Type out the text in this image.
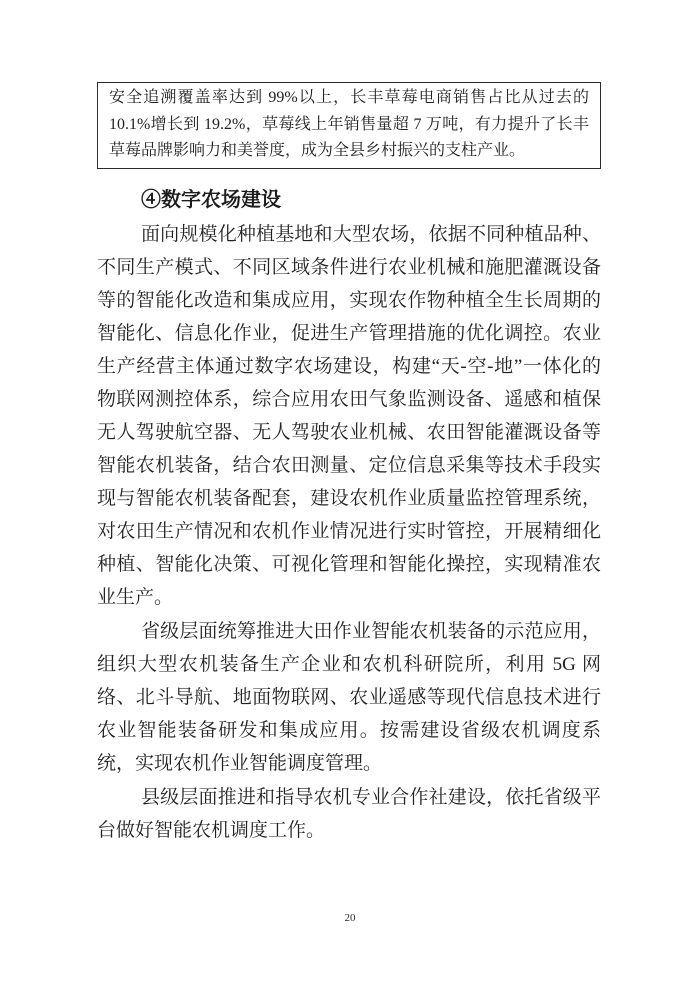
安全追溯覆盖率达到 99%以上，长丰草莓电商销售占比从过去的 10.1%增长到 19.2%，草莓线上年销售量超 7 万吨，有力提升了长丰草莓品牌影响力和美誉度，成为全县乡村振兴的支柱产业。

④数字农场建设

面向规模化种植基地和大型农场，依据不同种植品种、不同生产模式、不同区域条件进行农业机械和施肥灌溉设备等的智能化改造和集成应用，实现农作物种植全生长周期的智能化、信息化作业，促进生产管理措施的优化调控。农业生产经营主体通过数字农场建设，构建“天-空-地”一体化的物联网测控体系，综合应用农田气象监测设备、遥感和植保无人驾驶航空器、无人驾驶农业机械、农田智能灌溉设备等智能农机装备，结合农田测量、定位信息采集等技术手段实现与智能农机装备配套，建设农机作业质量监控管理系统，对农田生产情况和农机作业情况进行实时管控，开展精细化种植、智能化决策、可视化管理和智能化操控，实现精准农业生产。

省级层面统筹推进大田作业智能农机装备的示范应用，组织大型农机装备生产企业和农机科研院所，利用 5G 网络、北斗导航、地面物联网、农业遥感等现代信息技术进行农业智能装备研发和集成应用。按需建设省级农机调度系统，实现农机作业智能调度管理。

县级层面推进和指导农机专业合作社建设，依托省级平台做好智能农机调度工作。

20
